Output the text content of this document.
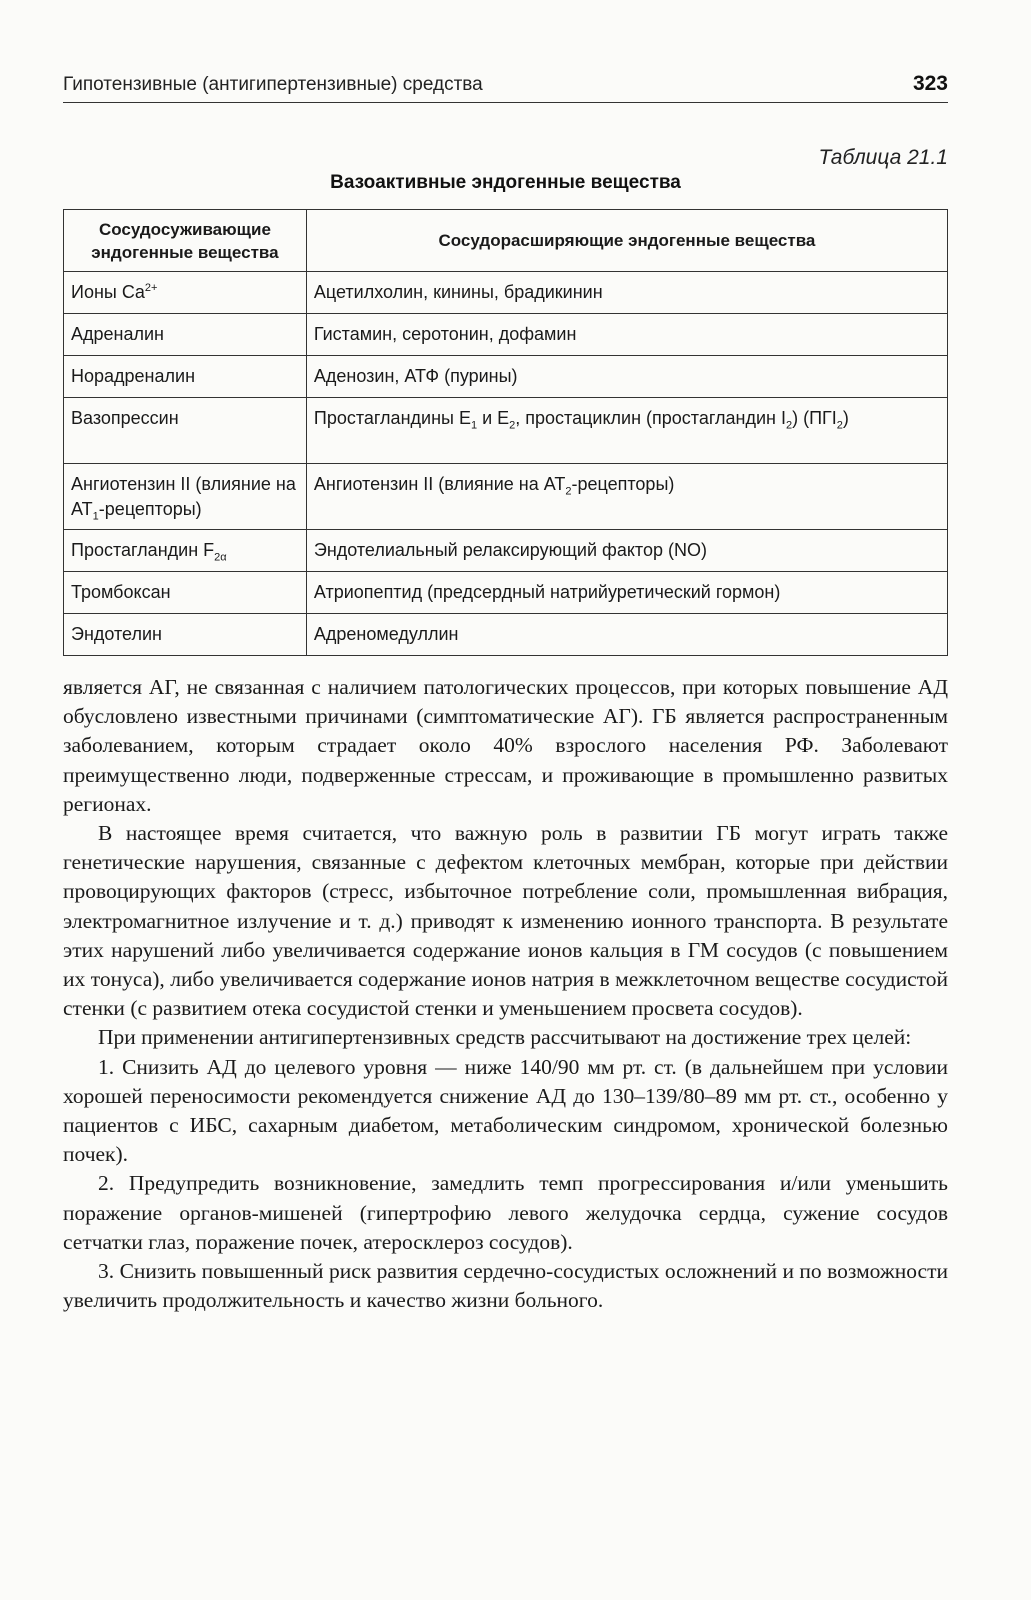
Гипотензивные (антигипертензивные) средства	323
Таблица 21.1
Вазоактивные эндогенные вещества
Сосудосуживающие эндогенные вещества	Сосудорасширяющие эндогенные вещества
Ионы $Ca^{2+}$	Ацетилхолин, кинины, брадикинин
Адреналин	Гистамин, серотонин, дофамин
Норадреналин	Аденозин, АТФ (пурины)
Вазопрессин	Простагландины $E_1$ и $E_2$, простациклин (простагландин $I_2$) $(ПГI_2)$
Ангиотензин II (влияние на $AT_1-рецепторы$)	Ангиотензин II (влияние на $AT_2-рецепторы$)
Простагландин $F_{2\alpha}$	Эндотелиальный релаксирующий фактор (NO)
Тромбоксан	Атриопептид (предсердный натрийуретический гормон)
Эндотелин	Адреномедуллин

является АГ, не связанная с наличием патологических процессов, при которых повышение АД обусловлено известными причинами (симптоматические АГ). ГБ является распространенным заболеванием, которым страдает около 40% взрослого населения РФ. Заболевают преимущественно люди, подверженные стрессам, и проживающие в промышленно развитых регионах.

В настоящее время считается, что важную роль в развитии ГБ могут играть также генетические нарушения, связанные с дефектом клеточных мембран, которые при действии провоцирующих факторов (стресс, избыточное потребление соли, промышленная вибрация, электромагнитное излучение и т. д.) приводят к изменению ионного транспорта. В результате этих нарушений либо увеличивается содержание ионов кальция в ГМ сосудов (с повышением их тонуса), либо увеличивается содержание ионов натрия в межклеточном веществе сосудистой стенки (с развитием отека сосудистой стенки и уменьшением просвета сосудов).

При применении антигипертензивных средств рассчитывают на достижение трех целей:

1. Снизить АД до целевого уровня — ниже 140/90 мм рт. ст. (в дальнейшем при условии хорошей переносимости рекомендуется снижение АД до 130–139/80–89 мм рт. ст., особенно у пациентов с ИБС, сахарным диабетом, метаболическим синдромом, хронической болезнью почек).

2. Предупредить возникновение, замедлить темп прогрессирования и/или уменьшить поражение органов-мишеней (гипертрофию левого желудочка сердца, сужение сосудов сетчатки глаз, поражение почек, атеросклероз сосудов).

3. Снизить повышенный риск развития сердечно-сосудистых осложнений и по возможности увеличить продолжительность и качество жизни больного.
